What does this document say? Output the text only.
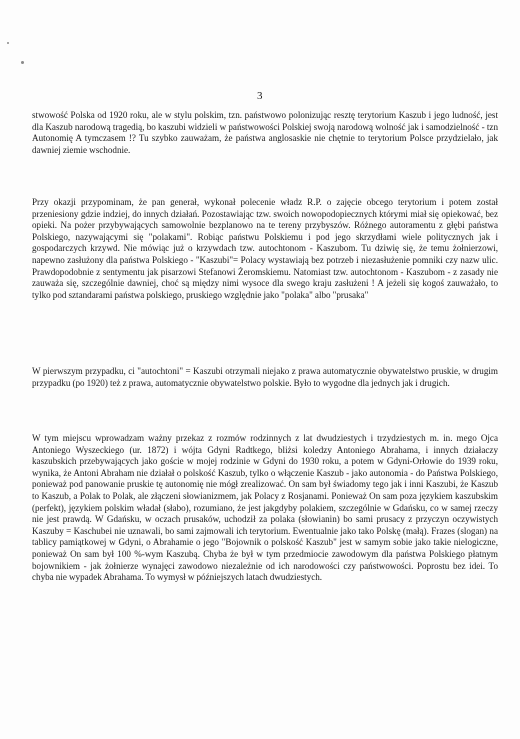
3
stwowość Polska od 1920 roku, ale w stylu polskim, tzn. państwowo polonizując resztę terytorium Kaszub i jego ludność, jest dla Kaszub narodową tragedią, bo kaszubi widzieli w państwowości Polskiej swoją narodową wolność jak i samodzielność - tzn Autonomię A tymczasem !? Tu szybko zauważam, że państwa anglosaskie nie chętnie to terytorium Polsce przydzielało, jak dawniej ziemie wschodnie.
Przy okazji przypominam, że pan generał, wykonał polecenie władz R.P. o zajęcie obcego terytorium i potem został przeniesiony gdzie indziej, do innych działań. Pozostawiając tzw. swoich nowopodopiecznych którymi miał się opiekować, bez opieki. Na pożer przybywających samowolnie bezplanowo na te tereny przybyszów. Różnego autoramentu z głębi państwa Polskiego, nazywającymi się "polakami". Robiąc państwu Polskiemu i pod jego skrzydłami wiele politycznych jak i gospodarczych krzywd. Nie mówiąc już o krzywdach tzw. autochtonom - Kaszubom. Tu dziwię się, że temu żołnierzowi, napewno zasłużony dla państwa Polskiego - "Kaszubi"= Polacy wystawiają bez potrzeb i niezasłużenie pomniki czy nazw ulic. Prawdopodobnie z sentymentu jak pisarzowi Stefanowi Żeromskiemu. Natomiast tzw. autochtonom - Kaszubom - z zasady nie zauważa się, szczególnie dawniej, choć są między nimi wysoce dla swego kraju zasłużeni ! A jeżeli się kogoś zauważało, to tylko pod sztandarami państwa polskiego, pruskiego względnie jako "polaka" albo "prusaka"
W pierwszym przypadku, ci "autochtoni" = Kaszubi otrzymali niejako z prawa automatycznie obywatelstwo pruskie, w drugim przypadku (po 1920) też z prawa, automatycznie obywatelstwo polskie. Było to wygodne dla jednych jak i drugich.
W tym miejscu wprowadzam ważny przekaz z rozmów rodzinnych z lat dwudziestych i trzydziestych m. in. mego Ojca Antoniego Wyszeckiego (ur. 1872) i wójta Gdyni Radtkego, bliżsi koledzy Antoniego Abrahama, i innych działaczy kaszubskich przebywających jako goście w mojej rodzinie w Gdyni do 1930 roku, a potem w Gdyni-Orłowie do 1939 roku, wynika, że Antoni Abraham nie działał o polskość Kaszub, tylko o włączenie Kaszub - jako autonomia - do Państwa Polskiego, ponieważ pod panowanie pruskie tę autonomię nie mógł zrealizować. On sam był świadomy tego jak i inni Kaszubi, że Kaszub to Kaszub, a Polak to Polak, ale złączeni słowianizmem, jak Polacy z Rosjanami. Ponieważ On sam poza językiem kaszubskim (perfekt), językiem polskim władał (słabo), rozumiano, że jest jakgdyby polakiem, szczególnie w Gdańsku, co w samej rzeczy nie jest prawdą. W Gdańsku, w oczach prusaków, uchodził za polaka (słowianin) bo sami prusacy z przyczyn oczywistych Kaszuby = Kaschubei nie uznawali, bo sami zajmowali ich terytorium. Ewentualnie jako tako Polskę (małą). Frazes (slogan) na tablicy pamiątkowej w Gdyni, o Abrahamie o jego "Bojownik o polskość Kaszub" jest w samym sobie jako takie nielogiczne, ponieważ On sam był 100 %-wym Kaszubą. Chyba że był w tym przedmiocie zawodowym dla państwa Polskiego płatnym bojownikiem - jak żołnierze wynajęci zawodowo niezależnie od ich narodowości czy państwowości. Poprostu bez idei. To chyba nie wypadek Abrahama. To wymysł w późniejszych latach dwudziestych.
